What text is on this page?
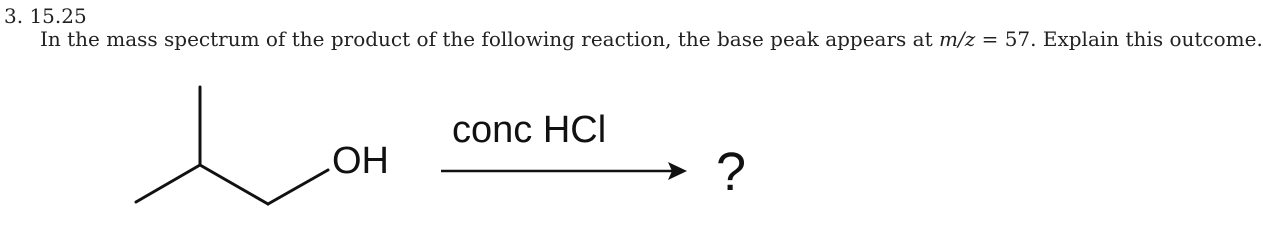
3. 15.25
In the mass spectrum of the product of the following reaction, the base peak appears at m/z = 57. Explain this outcome.
OH
conc HCl
?
